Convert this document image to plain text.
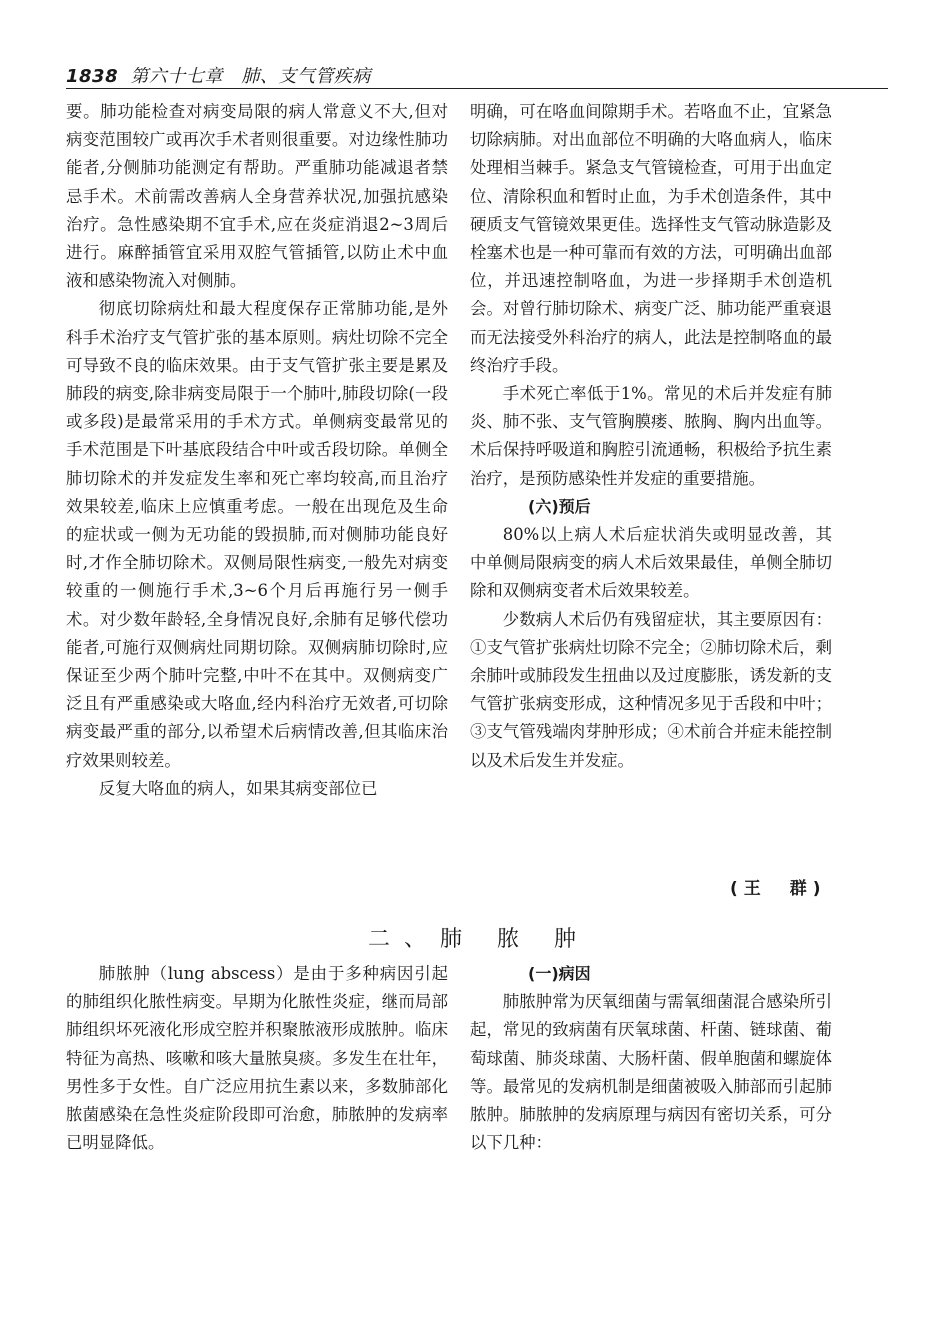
1838 第六十七章　肺、支气管疾病

要。肺功能检查对病变局限的病人常意义不大,但对病变范围较广或再次手术者则很重要。对边缘性肺功能者,分侧肺功能测定有帮助。严重肺功能减退者禁忌手术。术前需改善病人全身营养状况,加强抗感染治疗。急性感染期不宜手术,应在炎症消退2~3周后进行。麻醉插管宜采用双腔气管插管,以防止术中血液和感染物流入对侧肺。

彻底切除病灶和最大程度保存正常肺功能,是外科手术治疗支气管扩张的基本原则。病灶切除不完全可导致不良的临床效果。由于支气管扩张主要是累及肺段的病变,除非病变局限于一个肺叶,肺段切除(一段或多段)是最常采用的手术方式。单侧病变最常见的手术范围是下叶基底段结合中叶或舌段切除。单侧全肺切除术的并发症发生率和死亡率均较高,而且治疗效果较差,临床上应慎重考虑。一般在出现危及生命的症状或一侧为无功能的毁损肺,而对侧肺功能良好时,才作全肺切除术。双侧局限性病变,一般先对病变较重的一侧施行手术,3~6个月后再施行另一侧手术。对少数年龄轻,全身情况良好,余肺有足够代偿功能者,可施行双侧病灶同期切除。双侧病肺切除时,应保证至少两个肺叶完整,中叶不在其中。双侧病变广泛且有严重感染或大咯血,经内科治疗无效者,可切除病变最严重的部分,以希望术后病情改善,但其临床治疗效果则较差。

反复大咯血的病人，如果其病变部位已

明确，可在咯血间隙期手术。若咯血不止，宜紧急切除病肺。对出血部位不明确的大咯血病人，临床处理相当棘手。紧急支气管镜检查，可用于出血定位、清除积血和暂时止血，为手术创造条件，其中硬质支气管镜效果更佳。选择性支气管动脉造影及栓塞术也是一种可靠而有效的方法，可明确出血部位，并迅速控制咯血，为进一步择期手术创造机会。对曾行肺切除术、病变广泛、肺功能严重衰退而无法接受外科治疗的病人，此法是控制咯血的最终治疗手段。

手术死亡率低于1%。常见的术后并发症有肺炎、肺不张、支气管胸膜瘘、脓胸、胸内出血等。术后保持呼吸道和胸腔引流通畅，积极给予抗生素治疗，是预防感染性并发症的重要措施。

(六)预后

80%以上病人术后症状消失或明显改善，其中单侧局限病变的病人术后效果最佳，单侧全肺切除和双侧病变者术后效果较差。

少数病人术后仍有残留症状，其主要原因有：①支气管扩张病灶切除不完全；②肺切除术后，剩余肺叶或肺段发生扭曲以及过度膨胀，诱发新的支气管扩张病变形成，这种情况多见于舌段和中叶；③支气管残端肉芽肿形成；④术前合并症未能控制以及术后发生并发症。

(王　群)
二、肺 脓 肿

肺脓肿（lung abscess）是由于多种病因引起的肺组织化脓性病变。早期为化脓性炎症，继而局部肺组织坏死液化形成空腔并积聚脓液形成脓肿。临床特征为高热、咳嗽和咳大量脓臭痰。多发生在壮年，男性多于女性。自广泛应用抗生素以来，多数肺部化脓菌感染在急性炎症阶段即可治愈，肺脓肿的发病率已明显降低。

(一)病因

肺脓肿常为厌氧细菌与需氧细菌混合感染所引起，常见的致病菌有厌氧球菌、杆菌、链球菌、葡萄球菌、肺炎球菌、大肠杆菌、假单胞菌和螺旋体等。最常见的发病机制是细菌被吸入肺部而引起肺脓肿。肺脓肿的发病原理与病因有密切关系，可分以下几种：
